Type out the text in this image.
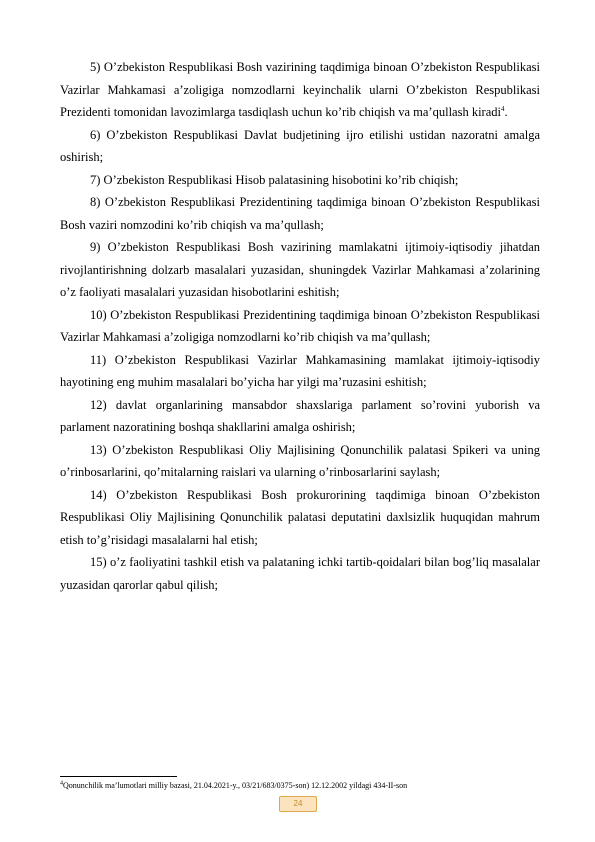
5) O’zbekiston Respublikasi Bosh vazirining taqdimiga binoan O’zbekiston Respublikasi Vazirlar Mahkamasi a’zoligiga nomzodlarni keyinchalik ularni O’zbekiston Respublikasi Prezidenti tomonidan lavozimlarga tasdiqlash uchun ko’rib chiqish va ma’qullash kiradi$^4$.

6) O’zbekiston Respublikasi Davlat budjetining ijro etilishi ustidan nazoratni amalga oshirish;

7) O’zbekiston Respublikasi Hisob palatasining hisobotini ko’rib chiqish;

8) O’zbekiston Respublikasi Prezidentining taqdimiga binoan O’zbekiston Respublikasi Bosh vaziri nomzodini ko’rib chiqish va ma’qullash;

9) O’zbekiston Respublikasi Bosh vazirining mamlakatni ijtimoiy-iqtisodiy jihatdan rivojlantirishning dolzarb masalalari yuzasidan, shuningdek Vazirlar Mahkamasi a’zolarining o’z faoliyati masalalari yuzasidan hisobotlarini eshitish;

10) O’zbekiston Respublikasi Prezidentining taqdimiga binoan O’zbekiston Respublikasi Vazirlar Mahkamasi a’zoligiga nomzodlarni ko’rib chiqish va ma’qullash;

11) O’zbekiston Respublikasi Vazirlar Mahkamasining mamlakat ijtimoiy-iqtisodiy hayotining eng muhim masalalari bo’yicha har yilgi ma’ruzasini eshitish;

12) davlat organlarining mansabdor shaxslariga parlament so’rovini yuborish va parlament nazoratining boshqa shakllarini amalga oshirish;

13) O’zbekiston Respublikasi Oliy Majlisining Qonunchilik palatasi Spikeri va uning o’rinbosarlarini, qo’mitalarning raislari va ularning o’rinbosarlarini saylash;

14) O’zbekiston Respublikasi Bosh prokurorining taqdimiga binoan O’zbekiston Respublikasi Oliy Majlisining Qonunchilik palatasi deputatini daxlsizlik huquqidan mahrum etish to’g’risidagi masalalarni hal etish;

15) o’z faoliyatini tashkil etish va palataning ichki tartib-qoidalari bilan bog’liq masalalar yuzasidan qarorlar qabul qilish;

$^4$Qonunchilik ma’lumotlari milliy bazasi, 21.04.2021-y., 03/21/683/0375-son) 12.12.2002 yildagi 434-II-son
24
